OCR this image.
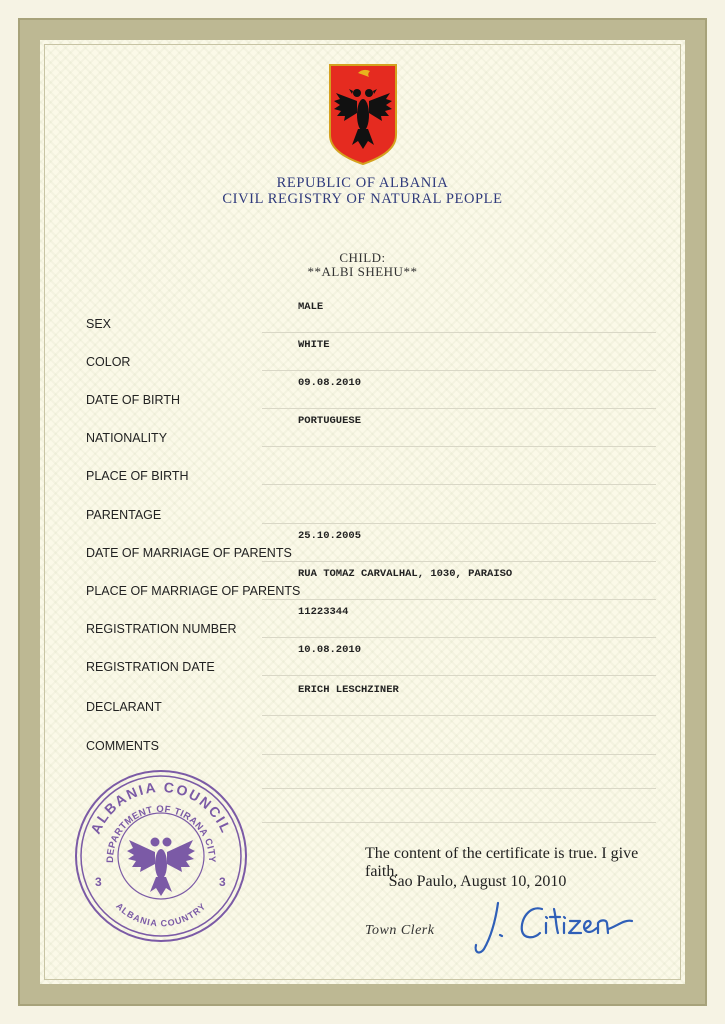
REPUBLIC OF ALBANIA
CIVIL REGISTRY OF NATURAL PEOPLE
CHILD:
**ALBI SHEHU**
SEX
MALE
COLOR
WHITE
DATE OF BIRTH
09.08.2010
NATIONALITY
PORTUGUESE
PLACE OF BIRTH
PARENTAGE
DATE OF MARRIAGE OF PARENTS
25.10.2005
PLACE OF MARRIAGE OF PARENTS
RUA TOMAZ CARVALHAL, 1030, PARAISO
REGISTRATION NUMBER
11223344
REGISTRATION DATE
10.08.2010
DECLARANT
ERICH LESCHZINER
COMMENTS
ALBANIA COUNCIL
DEPARTMENT OF TIRANA CITY
ALBANIA COUNTRY
3	3
The content of the certificate is true. I give faith.
Sao Paulo, August 10, 2010
Town Clerk
